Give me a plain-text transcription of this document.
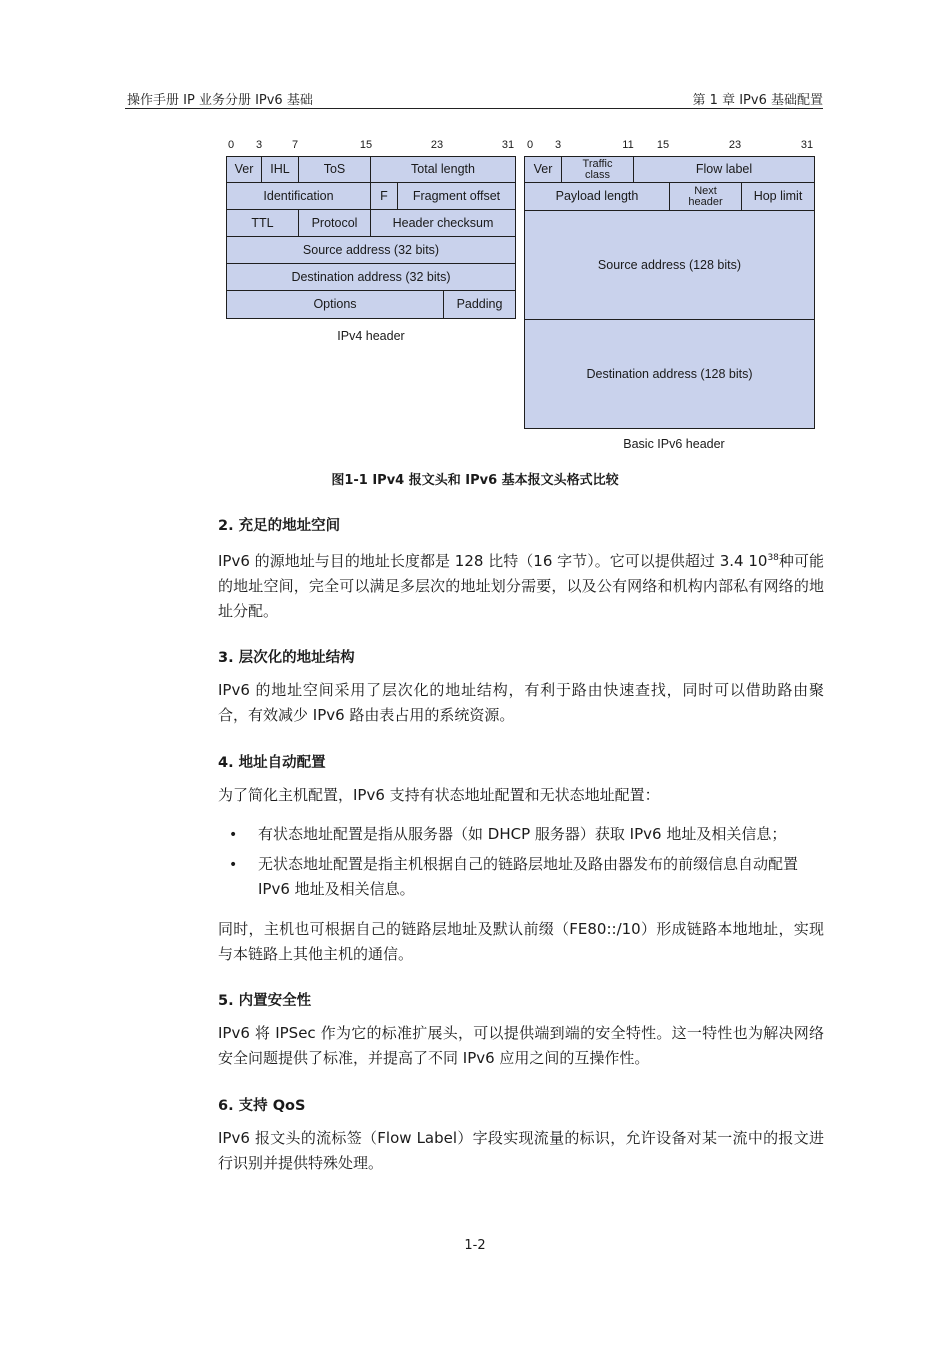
操作手册 IP 业务分册 IPv6 基础	第 1 章 IPv6 基础配置
0 3	7	15	23	31
Ver	IHL	ToS	Total length
Identification	F	Fragment offset
TTL	Protocol	Header checksum
Source address (32 bits)
Destination address (32 bits)
Options	Padding
IPv4 header
0 3	11 15	23	31
Ver	Traffic class	Flow label
Payload length	Next header	Hop limit
Source address (128 bits)
Destination address (128 bits)
Basic IPv6 header
图1-1 IPv4 报文头和 IPv6 基本报文头格式比较
2. 充足的地址空间
IPv6 的源地址与目的地址长度都是 128 比特（16 字节）。它可以提供超过 3.4 $10^{38}$种可能的地址空间，完全可以满足多层次的地址划分需要，以及公有网络和机构内部私有网络的地址分配。
3. 层次化的地址结构
IPv6 的地址空间采用了层次化的地址结构，有利于路由快速查找，同时可以借助路由聚合，有效减少 IPv6 路由表占用的系统资源。
4. 地址自动配置
为了简化主机配置，IPv6 支持有状态地址配置和无状态地址配置：
• 有状态地址配置是指从服务器（如 DHCP 服务器）获取 IPv6 地址及相关信息；
• 无状态地址配置是指主机根据自己的链路层地址及路由器发布的前缀信息自动配置 IPv6 地址及相关信息。
同时，主机也可根据自己的链路层地址及默认前缀（FE80::/10）形成链路本地地址，实现与本链路上其他主机的通信。
5. 内置安全性
IPv6 将 IPSec 作为它的标准扩展头，可以提供端到端的安全特性。这一特性也为解决网络安全问题提供了标准，并提高了不同 IPv6 应用之间的互操作性。
6. 支持 QoS
IPv6 报文头的流标签（Flow Label）字段实现流量的标识，允许设备对某一流中的报文进行识别并提供特殊处理。
1-2
